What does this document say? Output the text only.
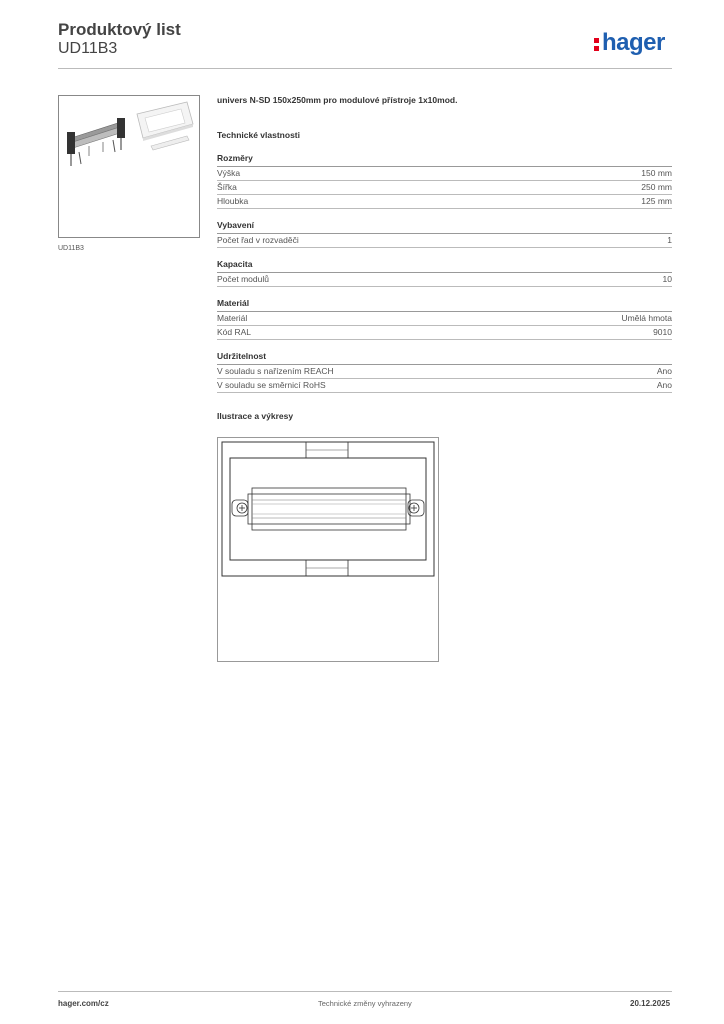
Produktový list
UD11B3	hager
UD11B3
univers N-SD 150x250mm pro modulové přístroje 1x10mod.
Technické vlastnosti
Rozměry
Výška	150 mm
Šířka	250 mm
Hloubka	125 mm
Vybavení
Počet řad v rozvaděči	1
Kapacita
Počet modulů	10
Materiál
Materiál	Umělá hmota
Kód RAL	9010
Udržitelnost
V souladu s nařízením REACH	Ano
V souladu se směrnicí RoHS	Ano
Ilustrace a výkresy
hager.com/cz	Technické změny vyhrazeny	20.12.2025
